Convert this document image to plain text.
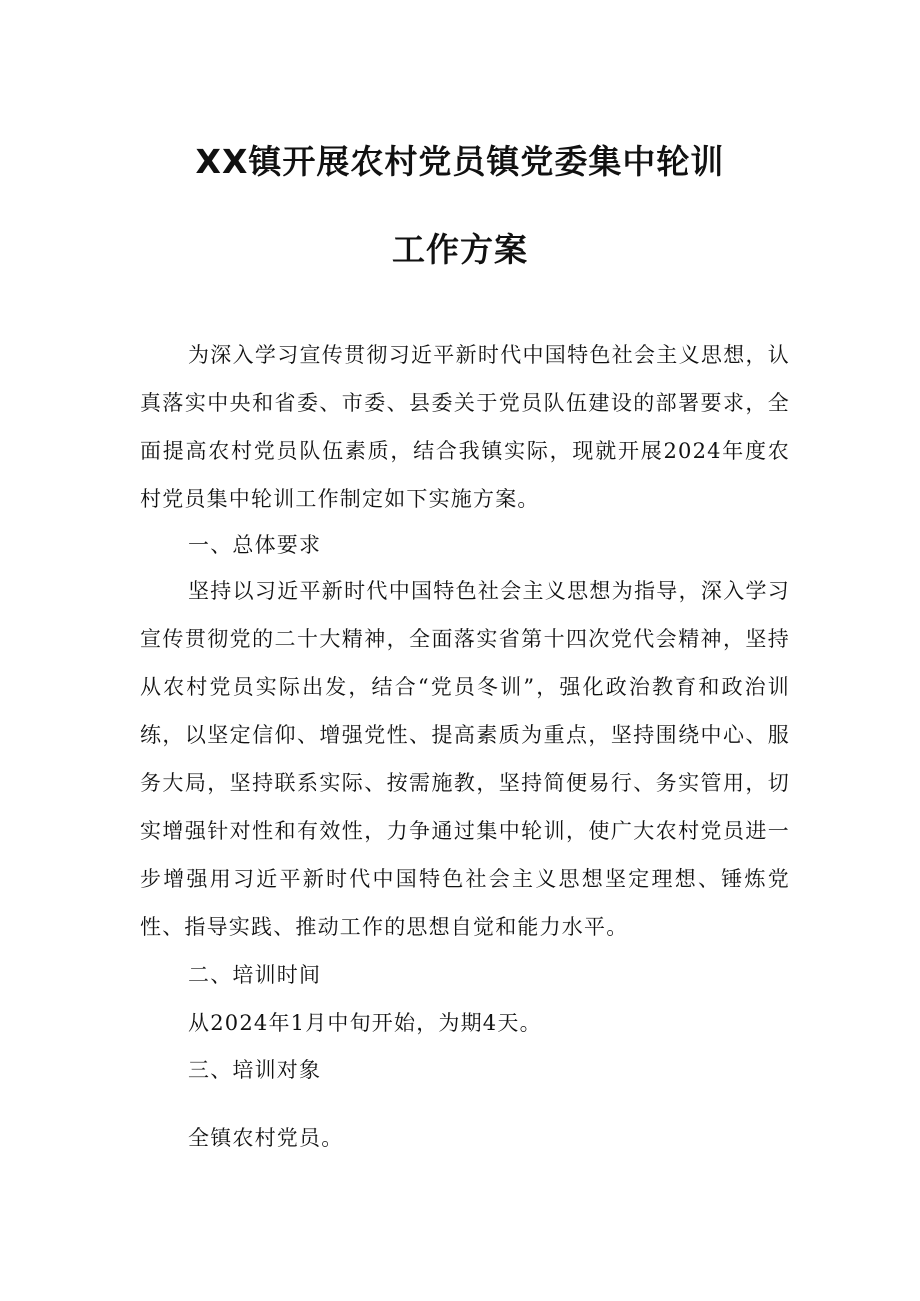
XX镇开展农村党员镇党委集中轮训
工作方案

为深入学习宣传贯彻习近平新时代中国特色社会主义思想，认真落实中央和省委、市委、县委关于党员队伍建设的部署要求，全面提高农村党员队伍素质，结合我镇实际，现就开展2024年度农村党员集中轮训工作制定如下实施方案。

一、总体要求

坚持以习近平新时代中国特色社会主义思想为指导，深入学习宣传贯彻党的二十大精神，全面落实省第十四次党代会精神，坚持从农村党员实际出发，结合“党员冬训”，强化政治教育和政治训练，以坚定信仰、增强党性、提高素质为重点，坚持围绕中心、服务大局，坚持联系实际、按需施教，坚持简便易行、务实管用，切实增强针对性和有效性，力争通过集中轮训，使广大农村党员进一步增强用习近平新时代中国特色社会主义思想坚定理想、锤炼党性、指导实践、推动工作的思想自觉和能力水平。

二、培训时间

从2024年1月中旬开始，为期4天。

三、培训对象

全镇农村党员。
